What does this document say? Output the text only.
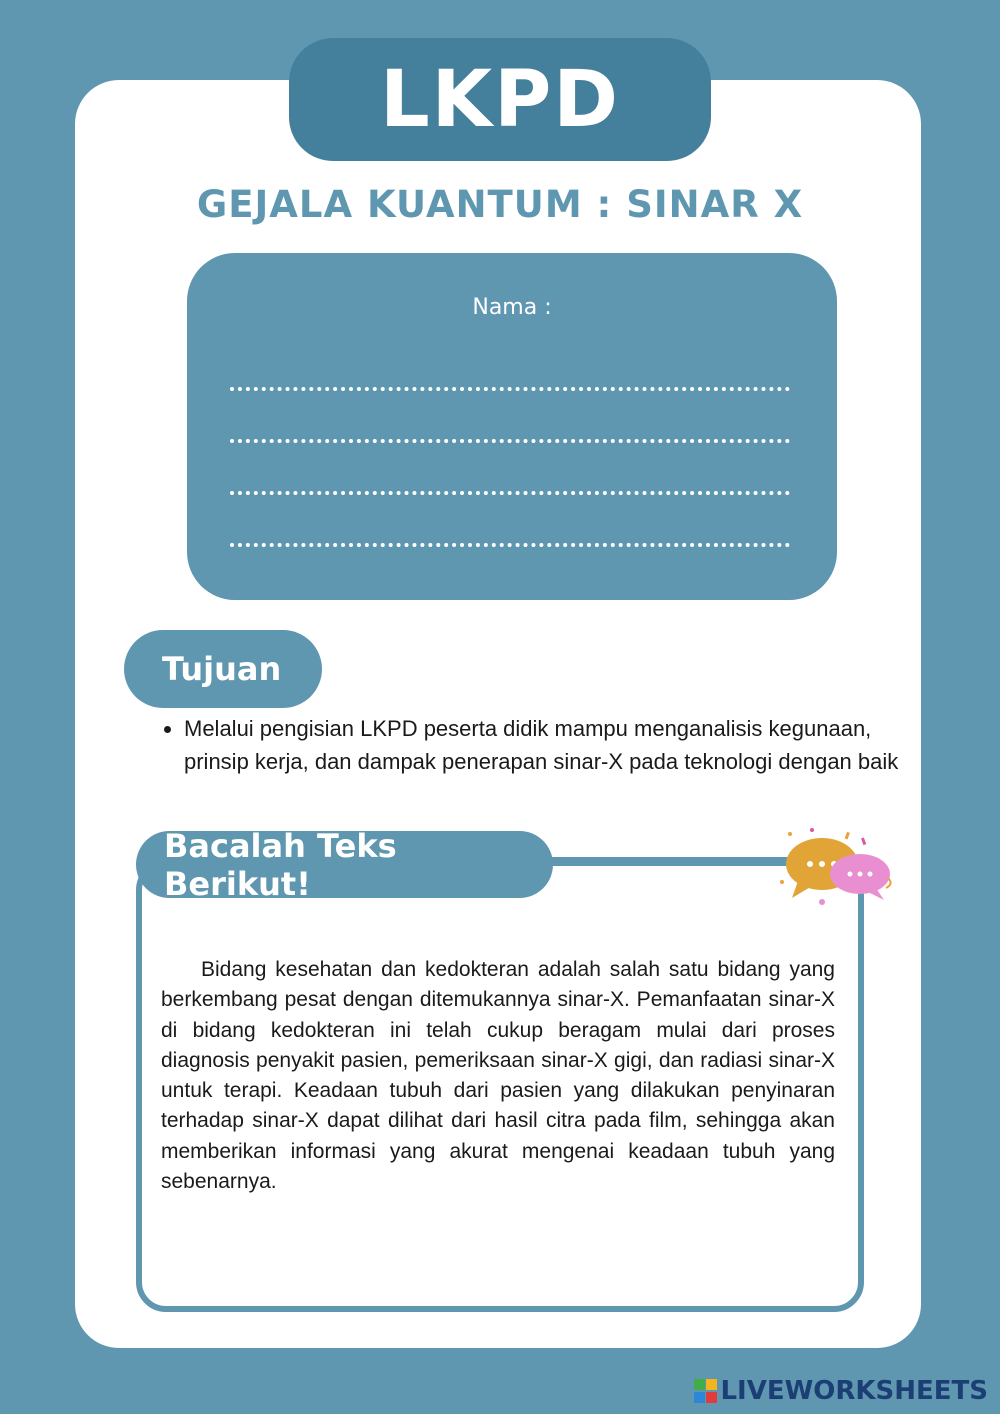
LKPD
GEJALA KUANTUM : SINAR X
Nama :
Tujuan
• Melalui pengisian LKPD peserta didik mampu menganalisis kegunaan, prinsip kerja, dan dampak penerapan sinar-X pada teknologi dengan baik
Bacalah Teks Berikut!

Bidang kesehatan dan kedokteran adalah salah satu bidang yang berkembang pesat dengan ditemukannya sinar-X. Pemanfaatan sinar-X di bidang kedokteran ini telah cukup beragam mulai dari proses diagnosis penyakit pasien, pemeriksaan sinar-X gigi, dan radiasi sinar-X untuk terapi. Keadaan tubuh dari pasien yang dilakukan penyinaran terhadap sinar-X dapat dilihat dari hasil citra pada film, sehingga akan memberikan informasi yang akurat mengenai keadaan tubuh yang sebenarnya.

LIVEWORKSHEETS
